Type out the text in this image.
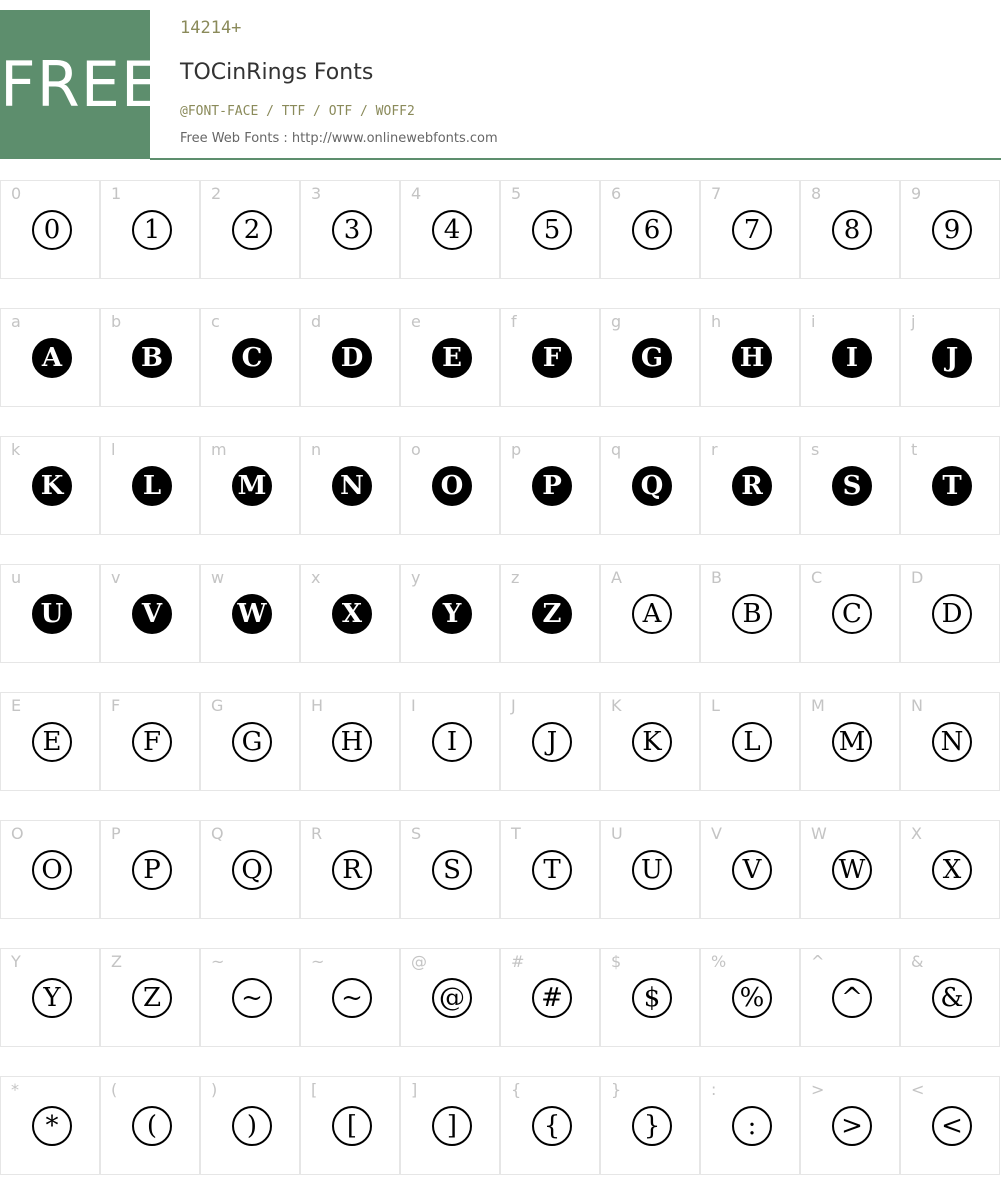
FREE
14214+
TOCinRings Fonts
@FONT-FACE / TTF / OTF / WOFF2
Free Web Fonts : http://www.onlinewebfonts.com
0
0
1
1
2
2
3
3
4
4
5
5
6
6
7
7
8
8
9
9
a
A
b
B
c
C
d
D
e
E
f
F
g
G
h
H
i
I
j
J
k
K
l
L
m
M
n
N
o
O
p
P
q
Q
r
R
s
S
t
T
u
U
v
V
w
W
x
X
y
Y
z
Z
A
A
B
B
C
C
D
D
E
E
F
F
G
G
H
H
I
I
J
J
K
K
L
L
M
M
N
N
O
O
P
P
Q
Q
R
R
S
S
T
T
U
U
V
V
W
W
X
X
Y
Y
Z
Z
~
~
~
~
@
@
#
#
$
$
%
%
^
^
&
&
*
*
(
(
)
)
[
[
]
]
{
{
}
}
:
:
>
>
<
<
